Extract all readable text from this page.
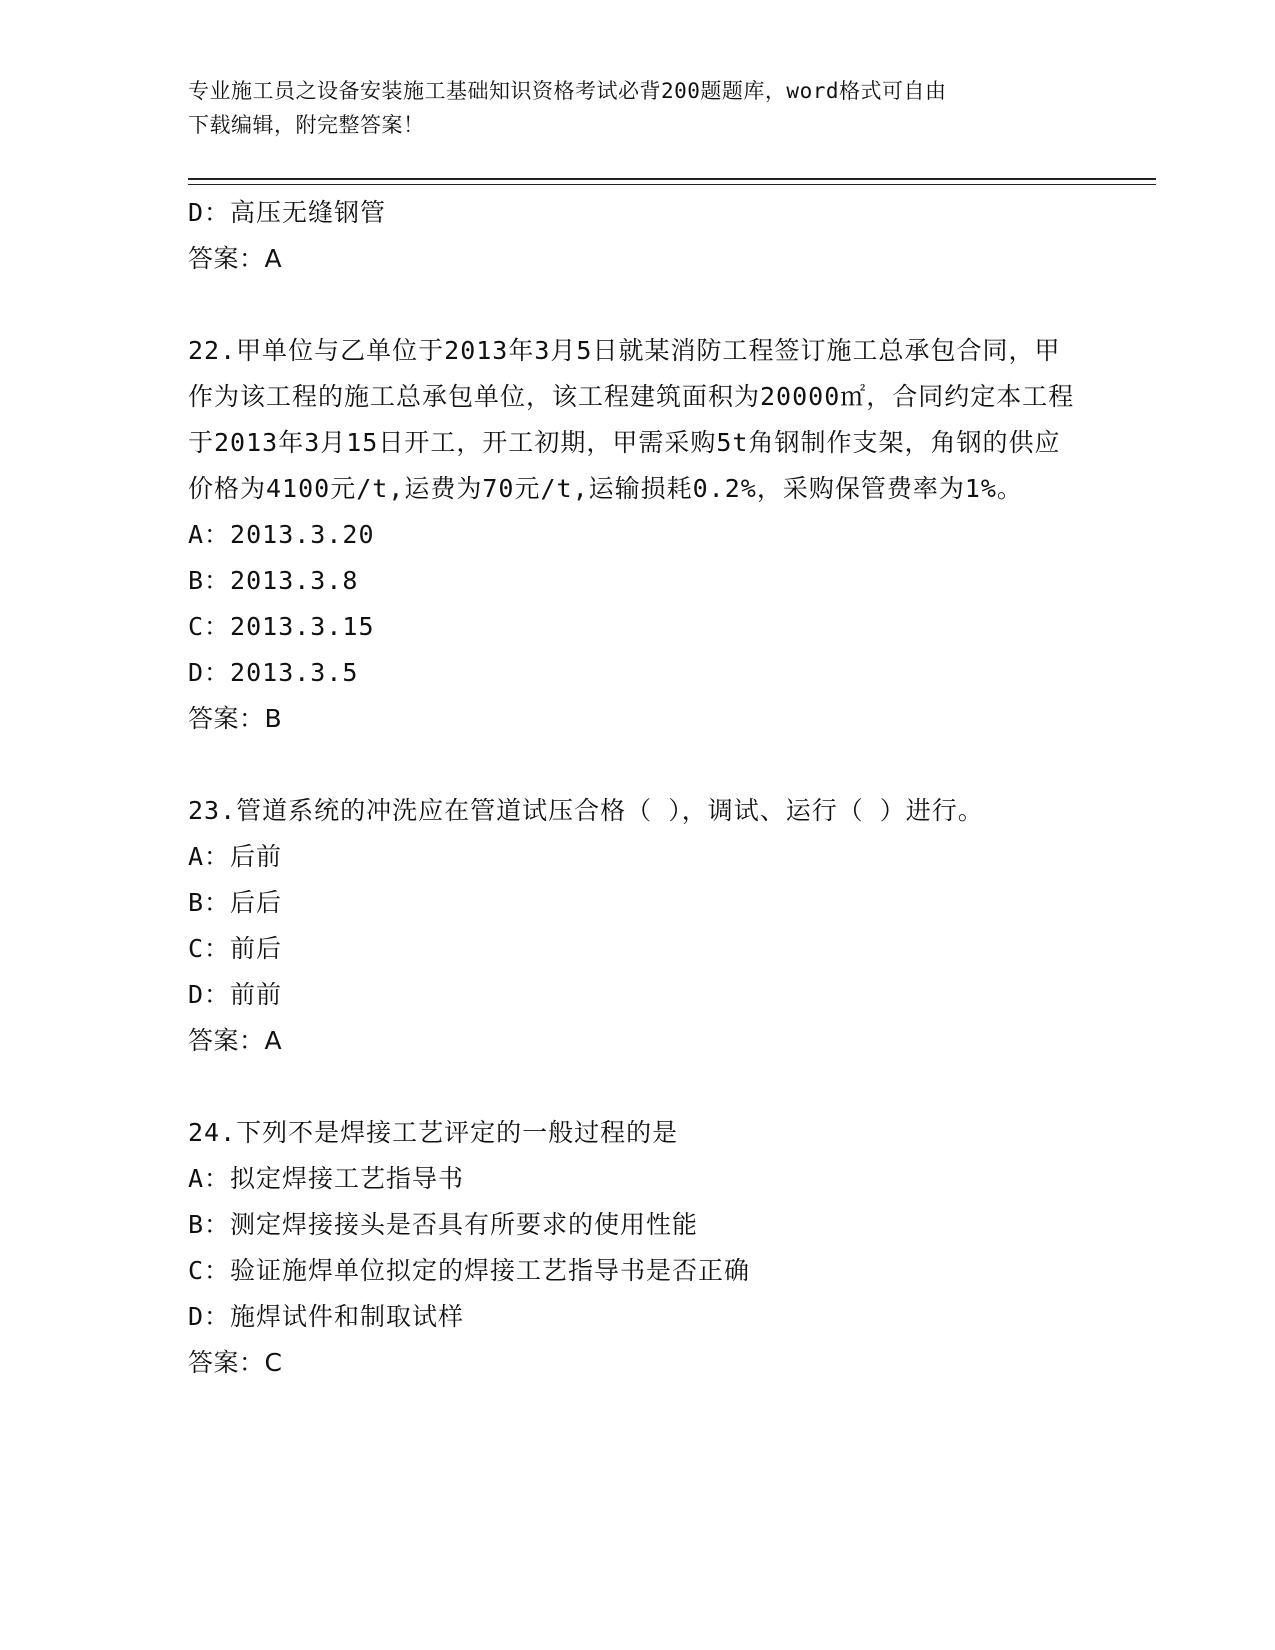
专业施工员之设备安装施工基础知识资格考试必背200题题库，word格式可自由
下载编辑，附完整答案！
D：高压无缝钢管
答案：A
22.甲单位与乙单位于2013年3月5日就某消防工程签订施工总承包合同，甲作为该工程的施工总承包单位，该工程建筑面积为20000㎡，合同约定本工程于2013年3月15日开工，开工初期，甲需采购5t角钢制作支架，角钢的供应价格为4100元/t,运费为70元/t,运输损耗0.2%，采购保管费率为1%。
A：2013.3.20
B：2013.3.8
C：2013.3.15
D：2013.3.5
答案：B
23.管道系统的冲洗应在管道试压合格（ ），调试、运行（ ）进行。
A：后前
B：后后
C：前后
D：前前
答案：A
24.下列不是焊接工艺评定的一般过程的是
A：拟定焊接工艺指导书
B：测定焊接接头是否具有所要求的使用性能
C：验证施焊单位拟定的焊接工艺指导书是否正确
D：施焊试件和制取试样
答案：C
